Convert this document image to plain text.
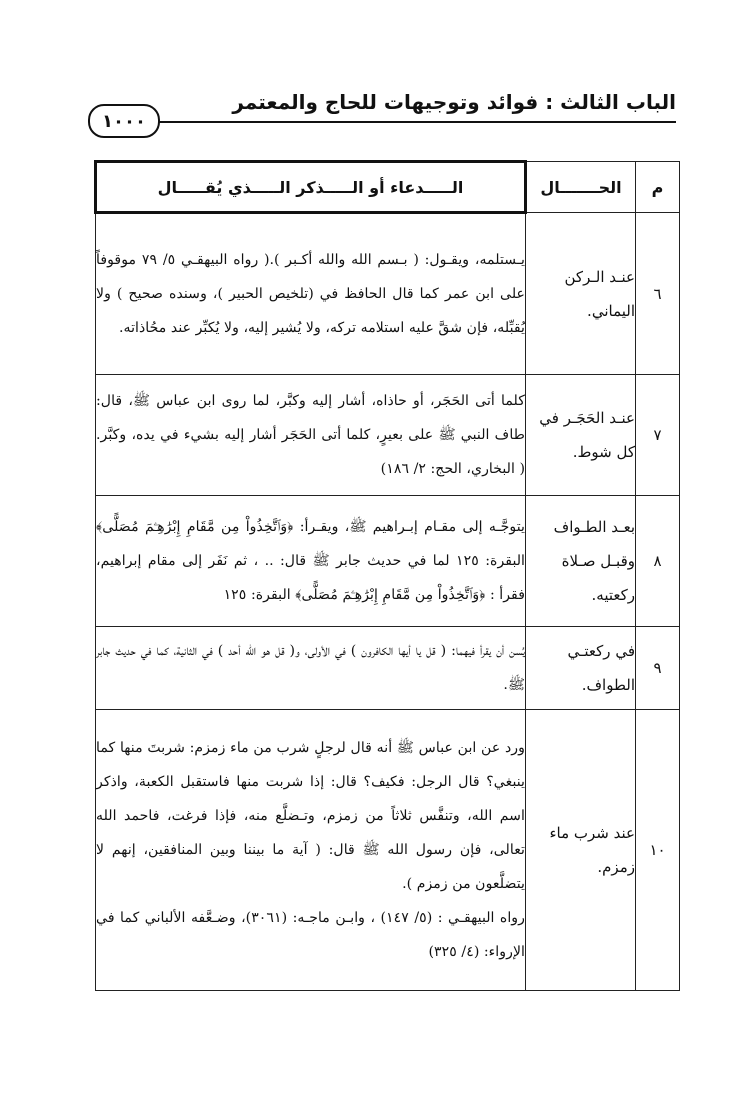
الباب الثالث : فوائد وتوجيهات للحاج والمعتمر
١٠٠٠
م	الحـــــــال	الـــــدعاء أو الـــــذكر الـــــذي يُقـــــال
٦	عنـد الـركن اليماني.	يـستلمه، ويقـول: ( بـسم الله والله أكـبر ).( رواه البيهقـي ٥/ ٧٩ موقوفاً على ابن عمر كما قال الحافظ في (تلخيص الحبير )، وسنده صحيح ) ولا يُقبِّله، فإن شقَّ عليه استلامه تركه، ولا يُشير إليه، ولا يُكبِّر عند محُاذاته.
٧	عنـد الحَجَـر في كل شوط.	كلما أتى الحَجَر، أو حاذاه، أشار إليه وكبَّر، لما روى ابن عباس ﷺ، قال: طاف النبي ﷺ على بعيرٍ، كلما أتى الحَجَر أشار إليه بشيء في يده، وكبَّر. ( البخاري، الحج: ٢/ ١٨٦)
٨	بعـد الطـواف وقبـل صـلاة ركعتيه.	يتوجَّـه إلى مقـام إبـراهيم ﷺ، ويقـرأ: ﴿وَٱتَّخِذُواْ مِن مَّقَامِ إِبْرَٰهِـۧمَ مُصَلًّى﴾ البقرة: ١٢٥ لما في حديث جابر ﷺ قال: .. ، ثم نَفَر إلى مقام إبراهيم، فقرأ : ﴿وَٱتَّخِذُواْ مِن مَّقَامِ إِبْرَٰهِـۧمَ مُصَلًّى﴾ البقرة: ١٢٥
٩	في ركعتـي الطواف.	يُسن أن يقرأ فيهما: ( قل يا أيها الكافرون ) في الأولى، و( قل هو الله أحد ) في الثانية، كما في حديث جابر ﷺ.
١٠	عند شرب ماء زمزم.	ورد عن ابن عباس ﷺ أنه قال لرجلٍ شرب من ماء زمزم: شربتَ منها كما ينبغي؟ قال الرجل: فكيف؟ قال: إذا شربت منها فاستقبل الكعبة، واذكر اسم الله، وتنفَّس ثلاثاً من زمزم، وتـضلَّع منه، فإذا فرغت، فاحمد الله تعالى، فإن رسول الله ﷺ قال: ( آية ما بيننا وبين المنافقين، إنهم لا يتضلَّعون من زمزم ).

رواه البيهقـي : (٥/ ١٤٧) ، وابـن ماجـه: (٣٠٦١)، وضـعَّفه الألباني كما في الإرواء: (٤/ ٣٢٥)
